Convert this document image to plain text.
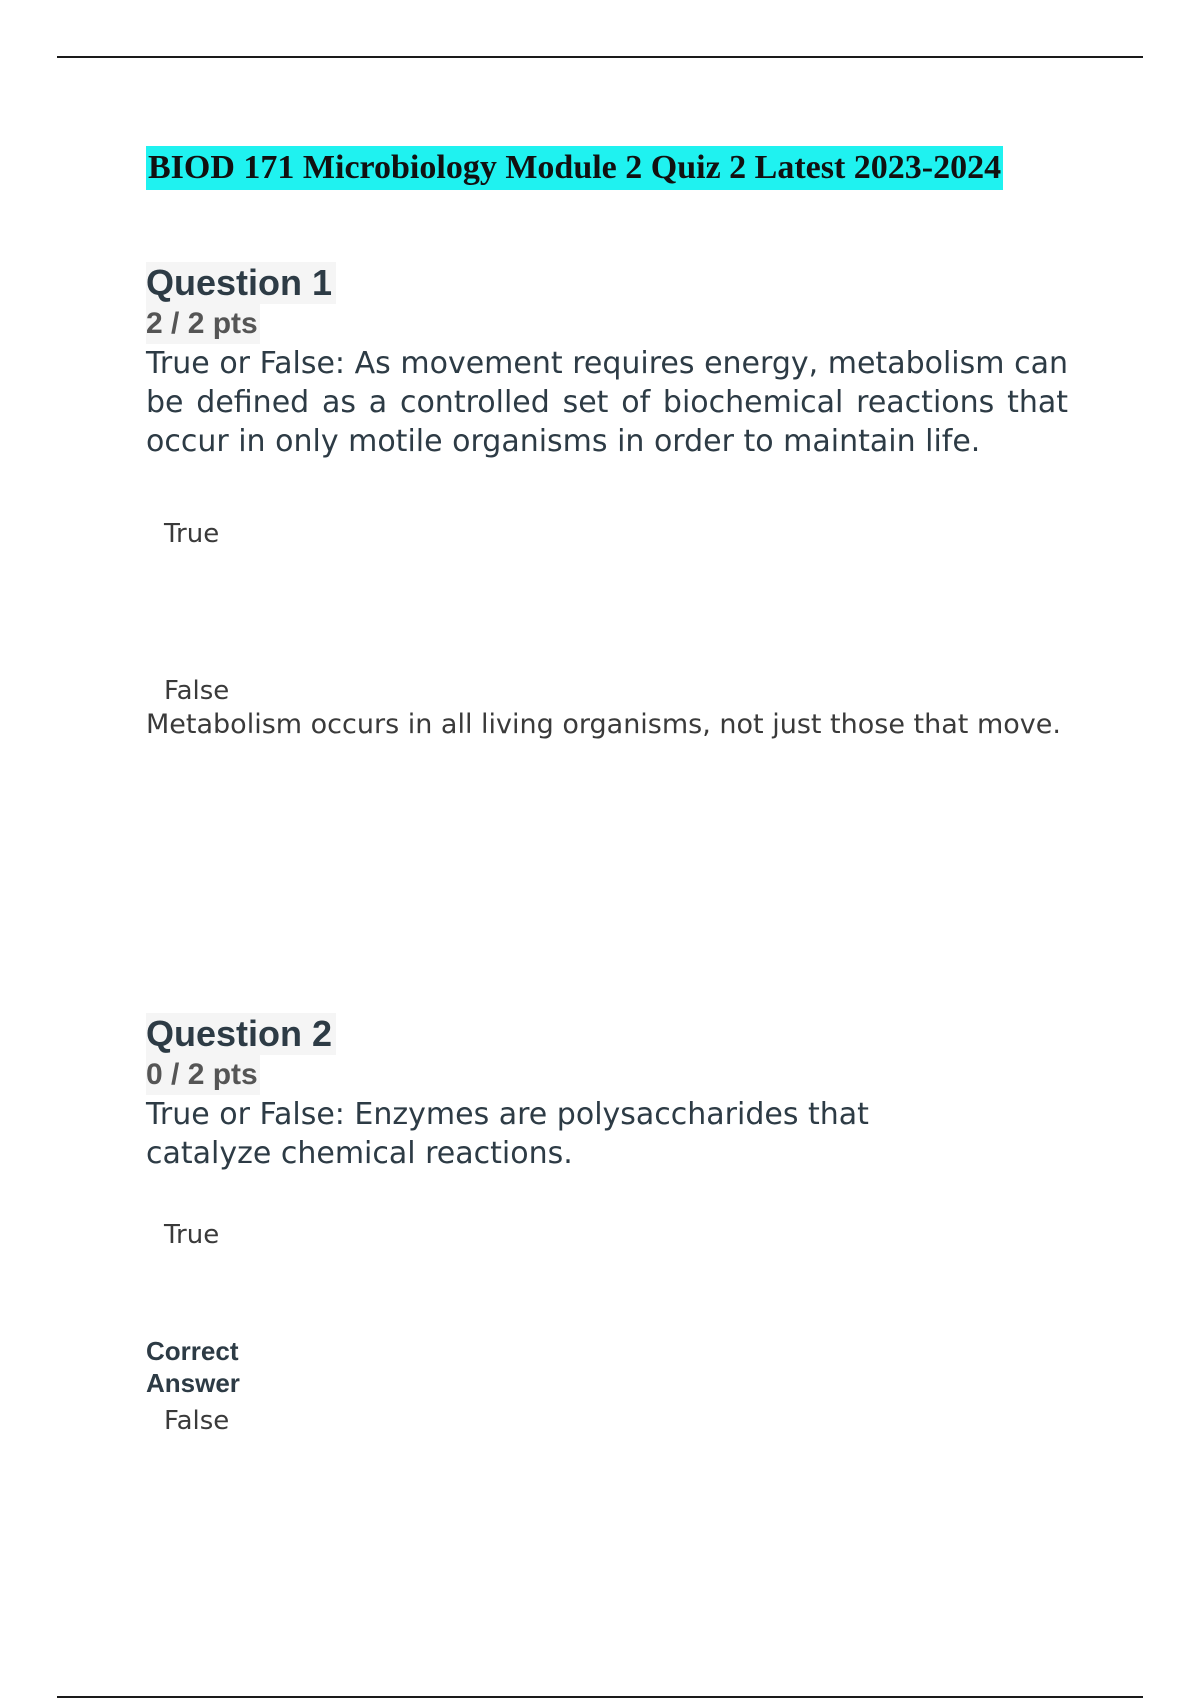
BIOD 171 Microbiology Module 2 Quiz 2 Latest 2023-2024
Question 1
2 / 2 pts

True or False: As movement requires energy, metabolism can be defined as a controlled set of biochemical reactions that occur in only motile organisms in order to maintain life.

True
False
Metabolism occurs in all living organisms, not just those that move.
Question 2
0 / 2 pts

True or False: Enzymes are polysaccharides that catalyze chemical reactions.

True
Correct Answer
False
